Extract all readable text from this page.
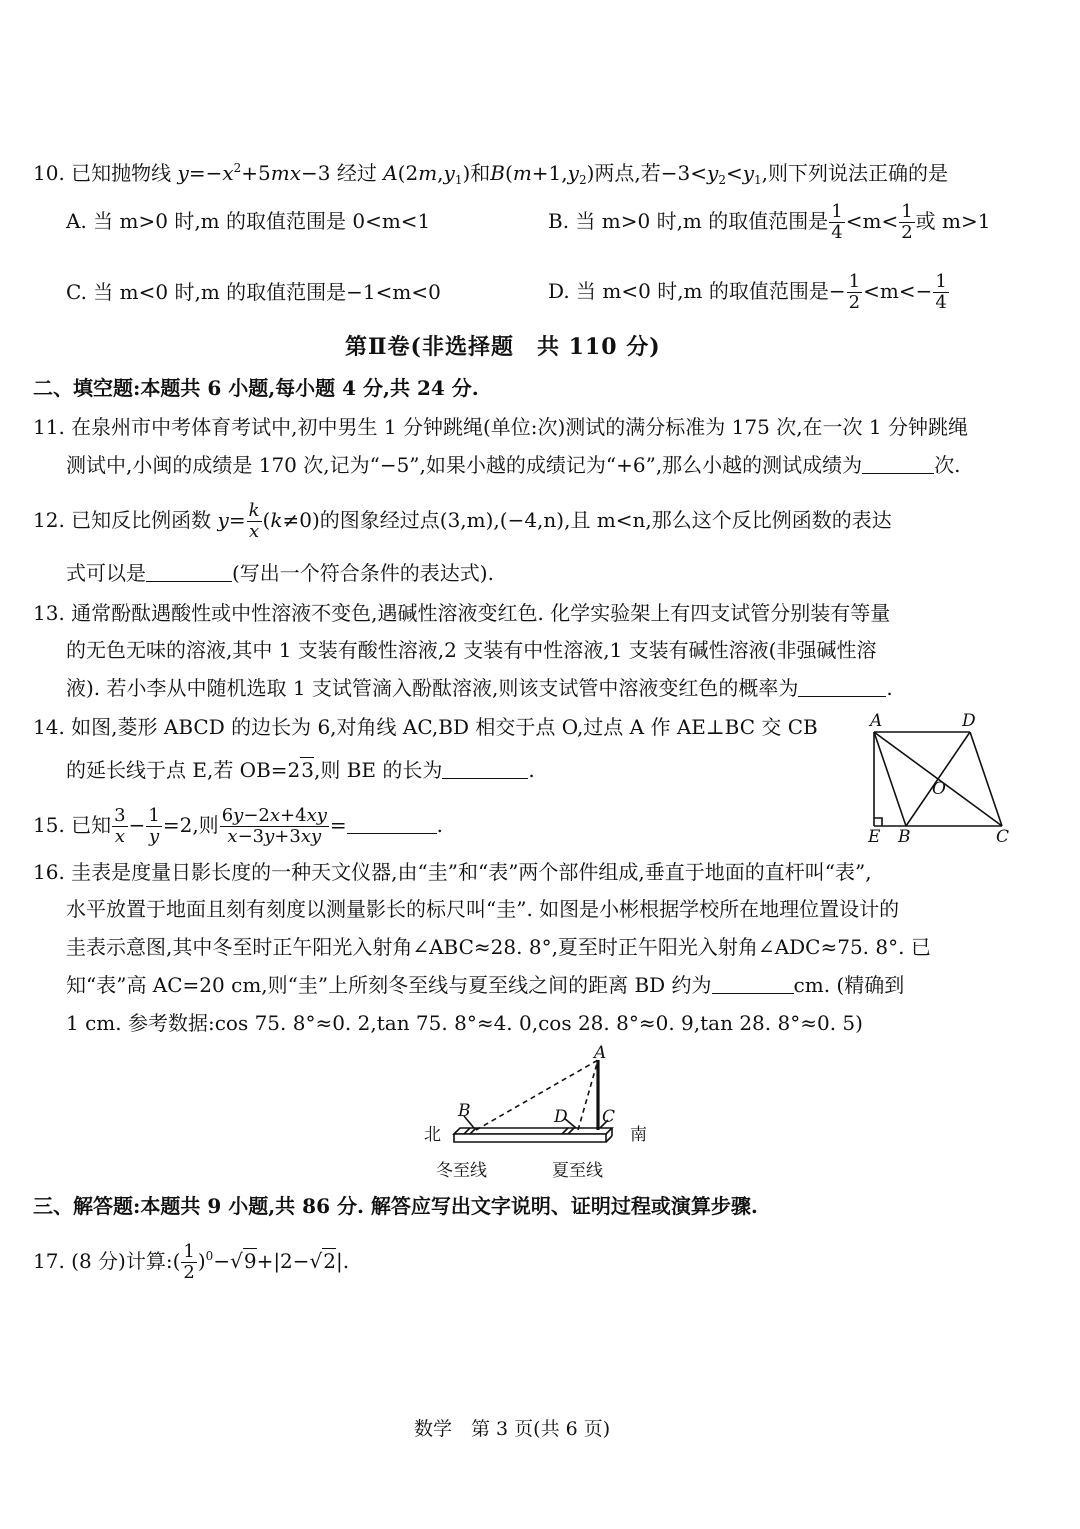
10. 已知抛物线 $y=-x^2+5mx-3$ 经过 $A(2m,y_1)$和$B(m+1,y_2)$两点,若$-3<y_2<y_1$,则下列说法正确的是
A. 当 m>0 时,m 的取值范围是 0<m<1	B. 当 m>0 时,m 的取值范围是 $\frac{1}{4} <m< \frac{1}{2}$ 或 m>1
C. 当 m<0 时,m 的取值范围是−1<m<0	D. 当 m<0 时,m 的取值范围是− $\frac{1}{2} <m<- \frac{1}{4}$
第Ⅱ卷(非选择题　共 110 分)
二、填空题:本题共 6 小题,每小题 4 分,共 24 分.
11. 在泉州市中考体育考试中,初中男生 1 分钟跳绳(单位:次)测试的满分标准为 175 次,在一次 1 分钟跳绳
测试中,小闽的成绩是 170 次,记为“−5”,如果小越的成绩记为“+6”,那么小越的测试成绩为	次.
12. 已知反比例函数 $y= \frac{k}{x} (k\ne 0)$的图象经过点(3,m),(−4,n),且 m<n,那么这个反比例函数的表达
式可以是	(写出一个符合条件的表达式).
13. 通常酚酞遇酸性或中性溶液不变色,遇碱性溶液变红色. 化学实验架上有四支试管分别装有等量
的无色无味的溶液,其中 1 支装有酸性溶液,2 支装有中性溶液,1 支装有碱性溶液(非强碱性溶
液). 若小李从中随机选取 1 支试管滴入酚酞溶液,则该支试管中溶液变红色的概率为	.
14. 如图,菱形 ABCD 的边长为 6,对角线 AC,BD 相交于点 O,过点 A 作 AE⊥BC 交 CB
的延长线于点 E,若 OB=23,则 BE 的长为	.
A	D
O
E B	C
15. 已知 $\frac{3}{x} - \frac{1}{y} =2$,则 $\frac{6y-2x+4xy}{x-3y+3xy}$ =	.
16. 圭表是度量日影长度的一种天文仪器,由“圭”和“表”两个部件组成,垂直于地面的直杆叫“表”,
水平放置于地面且刻有刻度以测量影长的标尺叫“圭”. 如图是小彬根据学校所在地理位置设计的
圭表示意图,其中冬至时正午阳光入射角∠ABC≈28. 8°,夏至时正午阳光入射角∠ADC≈75. 8°. 已
知“表”高 AC=20 cm,则“圭”上所刻冬至线与夏至线之间的距离 BD 约为	cm. (精确到
1 cm. 参考数据:cos 75. 8°≈0. 2,tan 75. 8°≈4. 0,cos 28. 8°≈0. 9,tan 28. 8°≈0. 5)
A
B	D C
北	南
冬至线	夏至线
三、解答题:本题共 9 小题,共 86 分. 解答应写出文字说明、证明过程或演算步骤.
17. (8 分)计算:( $\frac{1}{2} )^0-√9+|2-√2|$.
数学　第 3 页(共 6 页)
